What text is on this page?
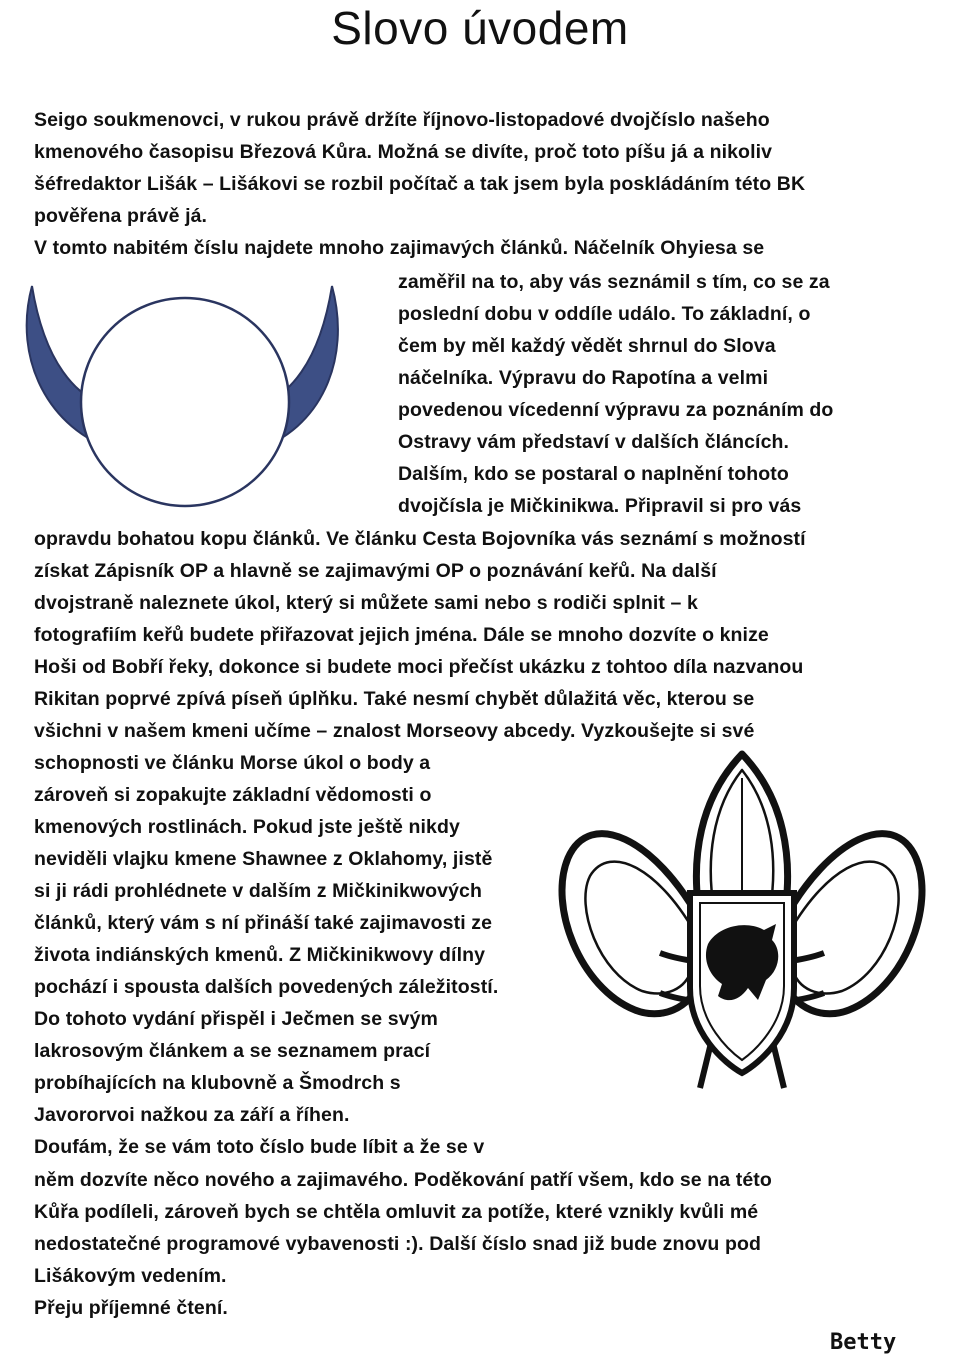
Slovo úvodem
Seigo soukmenovci, v rukou právě držíte říjnovo-listopadové dvojčíslo našeho
kmenového časopisu Březová Kůra. Možná se divíte, proč toto píšu já a nikoliv
šéfredaktor Lišák – Lišákovi se rozbil počítač a tak jsem byla poskládáním této BK
pověřena právě já.
V tomto nabitém číslu najdete mnoho zajimavých článků. Náčelník Ohyiesa se
zaměřil na to, aby vás seznámil s tím, co se za
poslední dobu v oddíle událo. To základní, o
čem by měl každý vědět shrnul do Slova
náčelníka. Výpravu do Rapotína a velmi
povedenou vícedenní výpravu za poznáním do
Ostravy vám představí v dalších článcích.
Dalším, kdo se postaral o naplnění tohoto
dvojčísla je Mičkinikwa. Připravil si pro vás
opravdu bohatou kopu článků. Ve článku Cesta Bojovníka vás seznámí s možností
získat Zápisník OP a hlavně se zajimavými OP o poznávání keřů. Na další
dvojstraně naleznete úkol, který si můžete sami nebo s rodiči splnit – k
fotografiím keřů budete přiřazovat jejich jména. Dále se mnoho dozvíte o knize
Hoši od Bobří řeky, dokonce si budete moci přečíst ukázku z tohtoo díla nazvanou
Rikitan poprvé zpívá píseň úplňku. Také nesmí chybět důlažitá věc, kterou se
všichni v našem kmeni učíme – znalost Morseovy abcedy. Vyzkoušejte si své
schopnosti ve článku Morse úkol o body a
zároveň si zopakujte základní vědomosti o
kmenových rostlinách. Pokud jste ještě nikdy
neviděli vlajku kmene Shawnee z Oklahomy, jistě
si ji rádi prohlédnete v dalším z Mičkinikwových
článků, který vám s ní přináší také zajimavosti ze
života indiánských kmenů. Z Mičkinikwovy dílny
pochází i spousta dalších povedených záležitostí.
Do tohoto vydání přispěl i Ječmen se svým
lakrosovým článkem a se seznamem prací
probíhajících na klubovně a Šmodrch s
Javororvoi nažkou za září a říhen.
Doufám, že se vám toto číslo bude líbit a že se v
něm dozvíte něco nového a zajimavého. Poděkování patří všem, kdo se na této
Kůřa podíleli, zároveň bych se chtěla omluvit za potíže, které vznikly kvůli mé
nedostatečné programové vybavenosti :). Další číslo snad již bude znovu pod
Lišákovým vedením.
Přeju příjemné čtení.
Betty
